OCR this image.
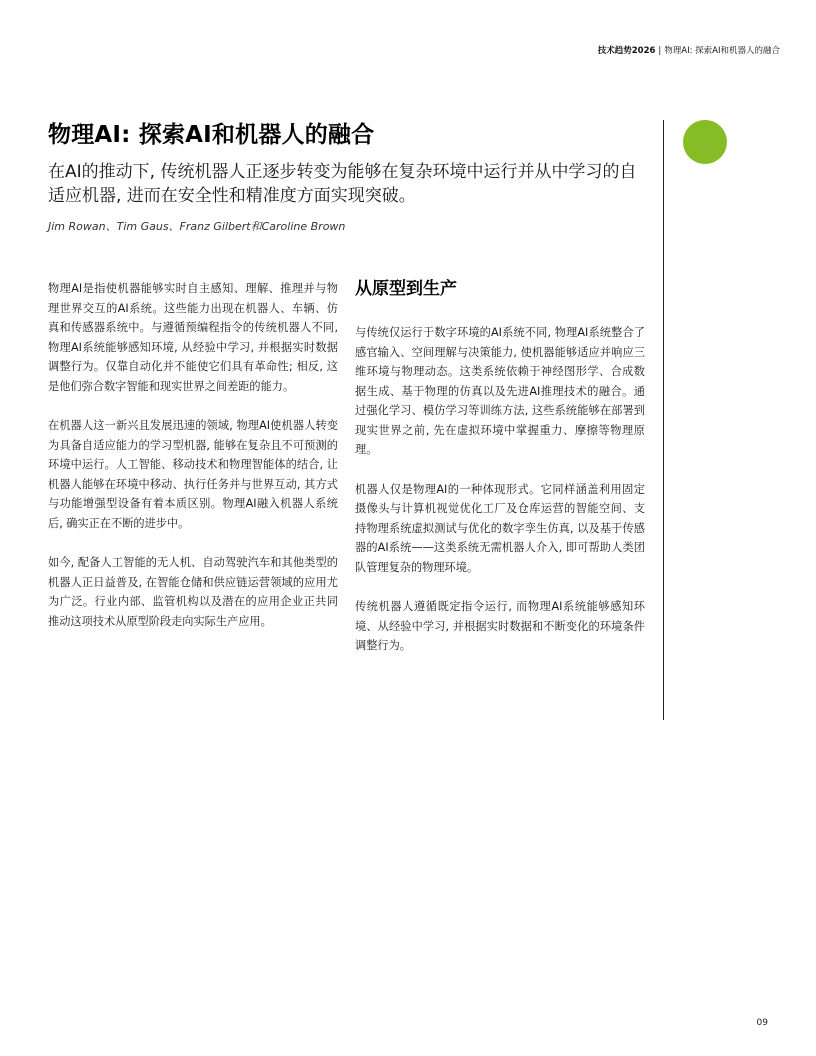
技术趋势2026 | 物理AI: 探索AI和机器人的融合
物理AI: 探索AI和机器人的融合

在AI的推动下, 传统机器人正逐步转变为能够在复杂环境中运行并从中学习的自适应机器, 进而在安全性和精准度方面实现突破。

Jim Rowan、Tim Gaus、Franz Gilbert和Caroline Brown

物理AI是指使机器能够实时自主感知、理解、推理并与物理世界交互的AI系统。这些能力出现在机器人、车辆、仿真和传感器系统中。与遵循预编程指令的传统机器人不同, 物理AI系统能够感知环境, 从经验中学习, 并根据实时数据调整行为。仅靠自动化并不能使它们具有革命性; 相反, 这是他们弥合数字智能和现实世界之间差距的能力。

在机器人这一新兴且发展迅速的领域, 物理AI使机器人转变为具备自适应能力的学习型机器, 能够在复杂且不可预测的环境中运行。人工智能、移动技术和物理智能体的结合, 让机器人能够在环境中移动、执行任务并与世界互动, 其方式与功能增强型设备有着本质区别。物理AI融入机器人系统后, 确实正在不断的进步中。

如今, 配备人工智能的无人机、自动驾驶汽车和其他类型的机器人正日益普及, 在智能仓储和供应链运营领域的应用尤为广泛。行业内部、监管机构以及潜在的应用企业正共同推动这项技术从原型阶段走向实际生产应用。

从原型到生产

与传统仅运行于数字环境的AI系统不同, 物理AI系统整合了感官输入、空间理解与决策能力, 使机器能够适应并响应三维环境与物理动态。这类系统依赖于神经图形学、合成数据生成、基于物理的仿真以及先进AI推理技术的融合。通过强化学习、模仿学习等训练方法, 这些系统能够在部署到现实世界之前, 先在虚拟环境中掌握重力、摩擦等物理原理。

机器人仅是物理AI的一种体现形式。它同样涵盖利用固定摄像头与计算机视觉优化工厂及仓库运营的智能空间、支持物理系统虚拟测试与优化的数字孪生仿真, 以及基于传感器的AI系统——这类系统无需机器人介入, 即可帮助人类团队管理复杂的物理环境。

传统机器人遵循既定指令运行, 而物理AI系统能够感知环境、从经验中学习, 并根据实时数据和不断变化的环境条件调整行为。

09
